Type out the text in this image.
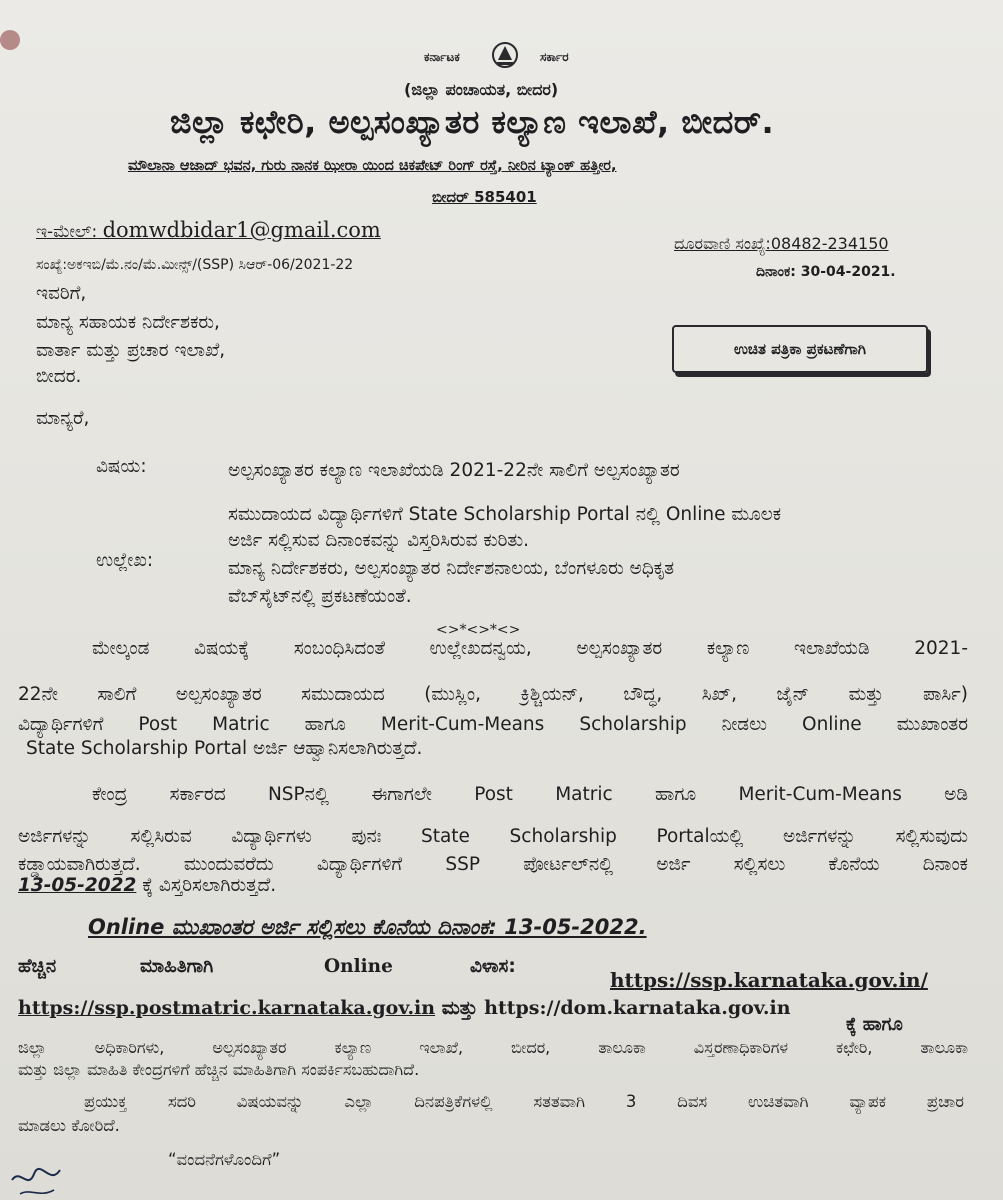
ಕರ್ನಾಟಕ	ಸರ್ಕಾರ
(ಜಿಲ್ಲಾ ಪಂಚಾಯತ, ಬೀದರ)
ಜಿಲ್ಲಾ ಕಛೇರಿ, ಅಲ್ಪಸಂಖ್ಯಾತರ ಕಲ್ಯಾಣ ಇಲಾಖೆ, ಬೀದರ್.
ಮೌಲಾನಾ ಆಜಾದ್ ಭವನ, ಗುರು ನಾನಕ ಝೀರಾ ಯಿಂದ ಚಿಕಪೇಟ್ ರಿಂಗ್ ರಸ್ತೆ, ನೀರಿನ ಟ್ಯಾಂಕ್ ಹತ್ತೀರ,
ಬೀದರ್ 585401
ಇ-ಮೇಲ್: domwdbidar1@gmail.com
ದೂರವಾಣಿ ಸಂಖ್ಯೆ:08482-234150
ಸಂಖ್ಯೆ:ಅಕಇಬಿ/ಮೆ.ನಂ/ಮೆ.ಮೀನ್ಸ್/(SSP) ಸಿಆರ್-06/2021-22	ದಿನಾಂಕ: 30-04-2021.
ಇವರಿಗೆ,
ಮಾನ್ಯ ಸಹಾಯಕ ನಿರ್ದೇಶಕರು,
ವಾರ್ತಾ ಮತ್ತು ಪ್ರಚಾರ ಇಲಾಖೆ,
ಬೀದರ.
ಉಚಿತ ಪತ್ರಿಕಾ ಪ್ರಕಟಣೆಗಾಗಿ
ಮಾನ್ಯರೆ,
ವಿಷಯ:	ಅಲ್ಪಸಂಖ್ಯಾತರ ಕಲ್ಯಾಣ ಇಲಾಖೆಯಡಿ 2021-22ನೇ ಸಾಲಿಗೆ ಅಲ್ಪಸಂಖ್ಯಾತರ
ಸಮುದಾಯದ ವಿದ್ಯಾರ್ಥಿಗಳಿಗೆ State Scholarship Portal ನಲ್ಲಿ Online ಮೂಲಕ
ಅರ್ಜಿ ಸಲ್ಲಿಸುವ ದಿನಾಂಕವನ್ನು ವಿಸ್ತರಿಸಿರುವ ಕುರಿತು.
ಉಲ್ಲೇಖ:	ಮಾನ್ಯ ನಿರ್ದೇಶಕರು, ಅಲ್ಪಸಂಖ್ಯಾತರ ನಿರ್ದೇಶನಾಲಯ, ಬೆಂಗಳೂರು ಅಧಿಕೃತ
ವೆಬ್‌ಸೈಟ್‌ನಲ್ಲಿ ಪ್ರಕಟಣೆಯಂತೆ.
<>*<>*<>
ಮೇಲ್ಕಂಡ ವಿಷಯಕ್ಕೆ ಸಂಬಂಧಿಸಿದಂತೆ ಉಲ್ಲೇಖದನ್ವಯ, ಅಲ್ಪಸಂಖ್ಯಾತರ ಕಲ್ಯಾಣ ಇಲಾಖೆಯಡಿ 2021-
22ನೇ ಸಾಲಿಗೆ ಅಲ್ಪಸಂಖ್ಯಾತರ ಸಮುದಾಯದ (ಮುಸ್ಲಿಂ, ಕ್ರಿಶ್ಚಿಯನ್, ಬೌದ್ಧ, ಸಿಖ್, ಜೈನ್ ಮತ್ತು ಪಾರ್ಸಿ)
ವಿದ್ಯಾರ್ಥಿಗಳಿಗೆ Post Matric ಹಾಗೂ Merit-Cum-Means Scholarship ನೀಡಲು Online ಮುಖಾಂತರ
State Scholarship Portal ಅರ್ಜಿ ಆಹ್ವಾನಿಸಲಾಗಿರುತ್ತದೆ.
ಕೇಂದ್ರ ಸರ್ಕಾರದ NSPನಲ್ಲಿ ಈಗಾಗಲೇ Post Matric ಹಾಗೂ Merit-Cum-Means ಅಡಿ
ಅರ್ಜಿಗಳನ್ನು ಸಲ್ಲಿಸಿರುವ ವಿದ್ಯಾರ್ಥಿಗಳು ಪುನಃ State Scholarship Portalಯಲ್ಲಿ ಅರ್ಜಿಗಳನ್ನು ಸಲ್ಲಿಸುವುದು
ಕಡ್ಡಾಯವಾಗಿರುತ್ತದೆ. ಮುಂದುವರೆದು ವಿದ್ಯಾರ್ಥಿಗಳಿಗೆ SSP ಪೋರ್ಟಲ್‌ನಲ್ಲಿ ಅರ್ಜಿ ಸಲ್ಲಿಸಲು ಕೊನೆಯ ದಿನಾಂಕ
13-05-2022 ಕ್ಕೆ ವಿಸ್ತರಿಸಲಾಗಿರುತ್ತದೆ.
Online ಮುಖಾಂತರ ಅರ್ಜಿ ಸಲ್ಲಿಸಲು ಕೊನೆಯ ದಿನಾಂಕ: 13-05-2022.
ಹೆಚ್ಚಿನ	ಮಾಹಿತಿಗಾಗಿ	Online	ವಿಳಾಸ:
https://ssp.karnataka.gov.in/
https://ssp.postmatric.karnataka.gov.in ಮತ್ತು https://dom.karnataka.gov.in
ಕ್ಕೆ ಹಾಗೂ
ಜಿಲ್ಲಾ ಅಧಿಕಾರಿಗಳು, ಅಲ್ಪಸಂಖ್ಯಾತರ ಕಲ್ಯಾಣ ಇಲಾಖೆ, ಬೀದರ, ತಾಲೂಕಾ ವಿಸ್ತರಣಾಧಿಕಾರಿಗಳ ಕಛೇರಿ, ತಾಲೂಕಾ
ಮತ್ತು ಜಿಲ್ಲಾ ಮಾಹಿತಿ ಕೇಂದ್ರಗಳಿಗೆ ಹೆಚ್ಚಿನ ಮಾಹಿತಿಗಾಗಿ ಸಂಪರ್ಕಿಸಬಹುದಾಗಿದೆ.
ಪ್ರಯುಕ್ತ ಸದರಿ ವಿಷಯವನ್ನು ಎಲ್ಲಾ ದಿನಪತ್ರಿಕೆಗಳಲ್ಲಿ ಸತತವಾಗಿ 3 ದಿವಸ ಉಚಿತವಾಗಿ ವ್ಯಾಪಕ ಪ್ರಚಾರ
ಮಾಡಲು ಕೋರಿದೆ.
“ವಂದನೆಗಳೊಂದಿಗೆ”
